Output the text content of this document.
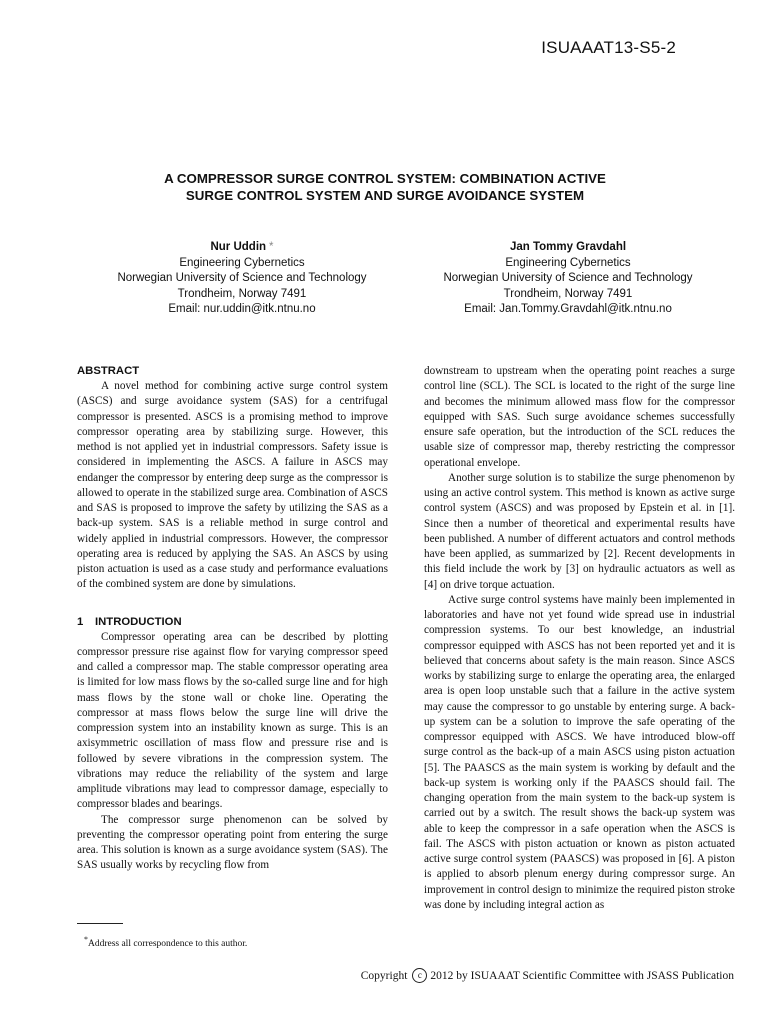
ISUAAAT13-S5-2
A COMPRESSOR SURGE CONTROL SYSTEM: COMBINATION ACTIVE
SURGE CONTROL SYSTEM AND SURGE AVOIDANCE SYSTEM
Nur Uddin *
Engineering Cybernetics
Norwegian University of Science and Technology
Trondheim, Norway 7491
Email: nur.uddin@itk.ntnu.no
Jan Tommy Gravdahl
Engineering Cybernetics
Norwegian University of Science and Technology
Trondheim, Norway 7491
Email: Jan.Tommy.Gravdahl@itk.ntnu.no
ABSTRACT

A novel method for combining active surge control system (ASCS) and surge avoidance system (SAS) for a centrifugal compressor is presented. ASCS is a promising method to improve compressor operating area by stabilizing surge. However, this method is not applied yet in industrial compressors. Safety issue is considered in implementing the ASCS. A failure in ASCS may endanger the compressor by entering deep surge as the compressor is allowed to operate in the stabilized surge area. Combination of ASCS and SAS is proposed to improve the safety by utilizing the SAS as a back-up system. SAS is a reliable method in surge control and widely applied in industrial compressors. However, the compressor operating area is reduced by applying the SAS. An ASCS by using piston actuation is used as a case study and performance evaluations of the combined system are done by simulations.

1 INTRODUCTION

Compressor operating area can be described by plotting compressor pressure rise against flow for varying compressor speed and called a compressor map. The stable compressor operating area is limited for low mass flows by the so-called surge line and for high mass flows by the stone wall or choke line. Operating the compressor at mass flows below the surge line will drive the compression system into an instability known as surge. This is an axisymmetric oscillation of mass flow and pressure rise and is followed by severe vibrations in the compression system. The vibrations may reduce the reliability of the system and large amplitude vibrations may lead to compressor damage, especially to compressor blades and bearings.

The compressor surge phenomenon can be solved by preventing the compressor operating point from entering the surge area. This solution is known as a surge avoidance system (SAS). The SAS usually works by recycling flow from

downstream to upstream when the operating point reaches a surge control line (SCL). The SCL is located to the right of the surge line and becomes the minimum allowed mass flow for the compressor equipped with SAS. Such surge avoidance schemes successfully ensure safe operation, but the introduction of the SCL reduces the usable size of compressor map, thereby restricting the compressor operational envelope.

Another surge solution is to stabilize the surge phenomenon by using an active control system. This method is known as active surge control system (ASCS) and was proposed by Epstein et al. in [1]. Since then a number of theoretical and experimental results have been published. A number of different actuators and control methods have been applied, as summarized by [2]. Recent developments in this field include the work by [3] on hydraulic actuators as well as [4] on drive torque actuation.

Active surge control systems have mainly been implemented in laboratories and have not yet found wide spread use in industrial compression systems. To our best knowledge, an industrial compressor equipped with ASCS has not been reported yet and it is believed that concerns about safety is the main reason. Since ASCS works by stabilizing surge to enlarge the operating area, the enlarged area is open loop unstable such that a failure in the active system may cause the compressor to go unstable by entering surge. A back-up system can be a solution to improve the safe operating of the compressor equipped with ASCS. We have introduced blow-off surge control as the back-up of a main ASCS using piston actuation [5]. The PAASCS as the main system is working by default and the back-up system is working only if the PAASCS should fail. The changing operation from the main system to the back-up system is carried out by a switch. The result shows the back-up system was able to keep the compressor in a safe operation when the ASCS is fail. The ASCS with piston actuation or known as piston actuated active surge control system (PAASCS) was proposed in [6]. A piston is applied to absorb plenum energy during compressor surge. An improvement in control design to minimize the required piston stroke was done by including integral action as

*Address all correspondence to this author.
Copyright c 2012 by ISUAAAT Scientific Committee with JSASS Publication
